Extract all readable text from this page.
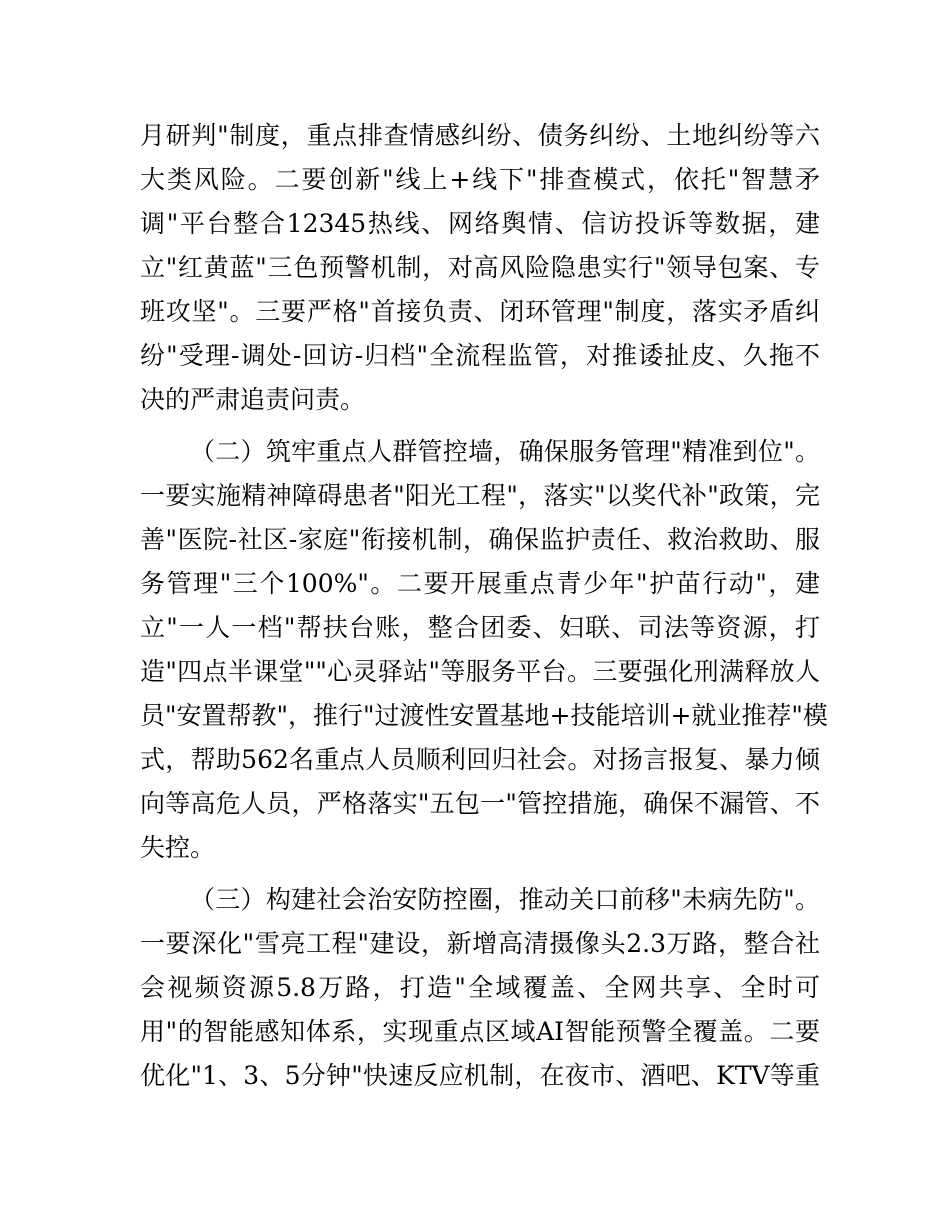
月研判"制度，重点排查情感纠纷、债务纠纷、土地纠纷等六
大类风险。二要创新"线上+线下"排查模式，依托"智慧矛
调"平台整合12345热线、网络舆情、信访投诉等数据，建
立"红黄蓝"三色预警机制，对高风险隐患实行"领导包案、专
班攻坚"。三要严格"首接负责、闭环管理"制度，落实矛盾纠
纷"受理-调处-回访-归档"全流程监管，对推诿扯皮、久拖不
决的严肃追责问责。
（二）筑牢重点人群管控墙，确保服务管理"精准到位"。
一要实施精神障碍患者"阳光工程"，落实"以奖代补"政策，完
善"医院-社区-家庭"衔接机制，确保监护责任、救治救助、服
务管理"三个100%"。二要开展重点青少年"护苗行动"，建
立"一人一档"帮扶台账，整合团委、妇联、司法等资源，打
造"四点半课堂""心灵驿站"等服务平台。三要强化刑满释放人
员"安置帮教"，推行"过渡性安置基地+技能培训+就业推荐"模
式，帮助562名重点人员顺利回归社会。对扬言报复、暴力倾
向等高危人员，严格落实"五包一"管控措施，确保不漏管、不
失控。
（三）构建社会治安防控圈，推动关口前移"未病先防"。
一要深化"雪亮工程"建设，新增高清摄像头2.3万路，整合社
会视频资源5.8万路，打造"全域覆盖、全网共享、全时可
用"的智能感知体系，实现重点区域AI智能预警全覆盖。二要
优化"1、3、5分钟"快速反应机制，在夜市、酒吧、KTV等重
